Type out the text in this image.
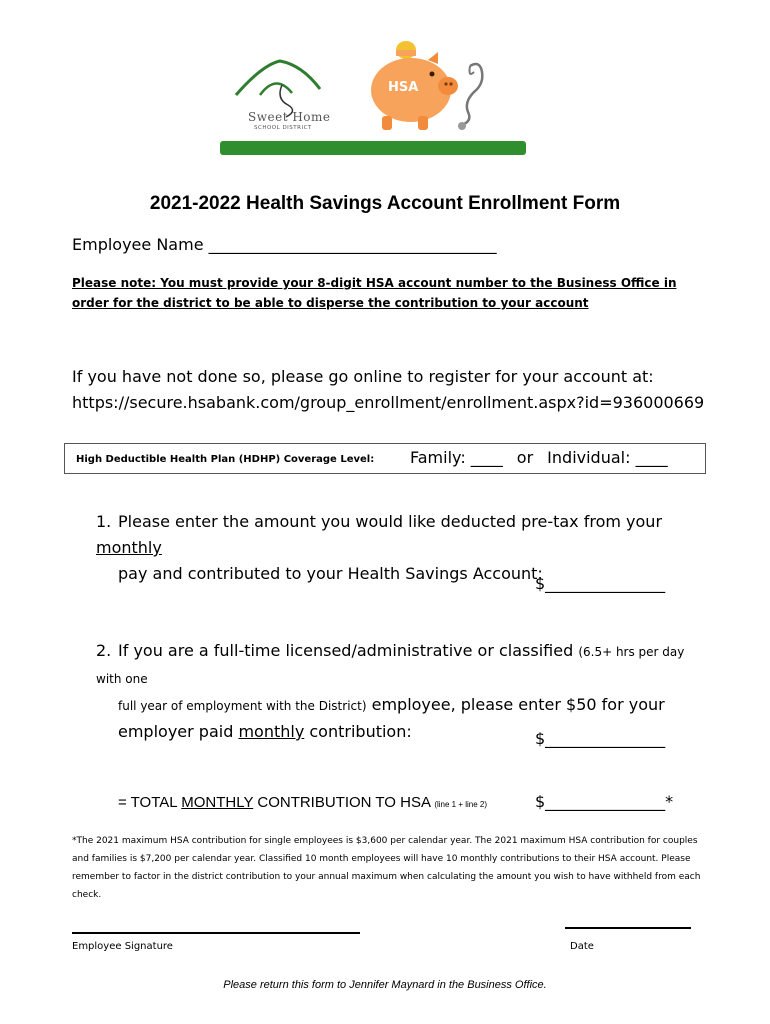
Sweet Home
SCHOOL DISTRICT
HSA
2021-2022 Health Savings Account Enrollment Form
Employee Name ____________________________________
Please note: You must provide your 8-digit HSA account number to the Business Office in order for the district to be able to disperse the contribution to your account
If you have not done so, please go online to register for your account at:
https://secure.hsabank.com/group_enrollment/enrollment.aspx?id=936000669
High Deductible Health Plan (HDHP) Coverage Level: Family: ____ or Individual: ____
1. Please enter the amount you would like deducted pre-tax from your monthly
pay and contributed to your Health Savings Account:
$_______________
2. If you are a full-time licensed/administrative or classified (6.5+ hrs per day with one
full year of employment with the District) employee, please enter $50 for your
employer paid monthly contribution:	$_______________
= TOTAL MONTHLY CONTRIBUTION TO HSA (line 1 + line 2)	$_______________*
*The 2021 maximum HSA contribution for single employees is $3,600 per calendar year. The 2021 maximum HSA contribution for couples and families is $7,200 per calendar year. Classified 10 month employees will have 10 monthly contributions to their HSA account. Please remember to factor in the district contribution to your annual maximum when calculating the amount you wish to have withheld from each check.
Employee Signature	Date
Please return this form to Jennifer Maynard in the Business Office.
